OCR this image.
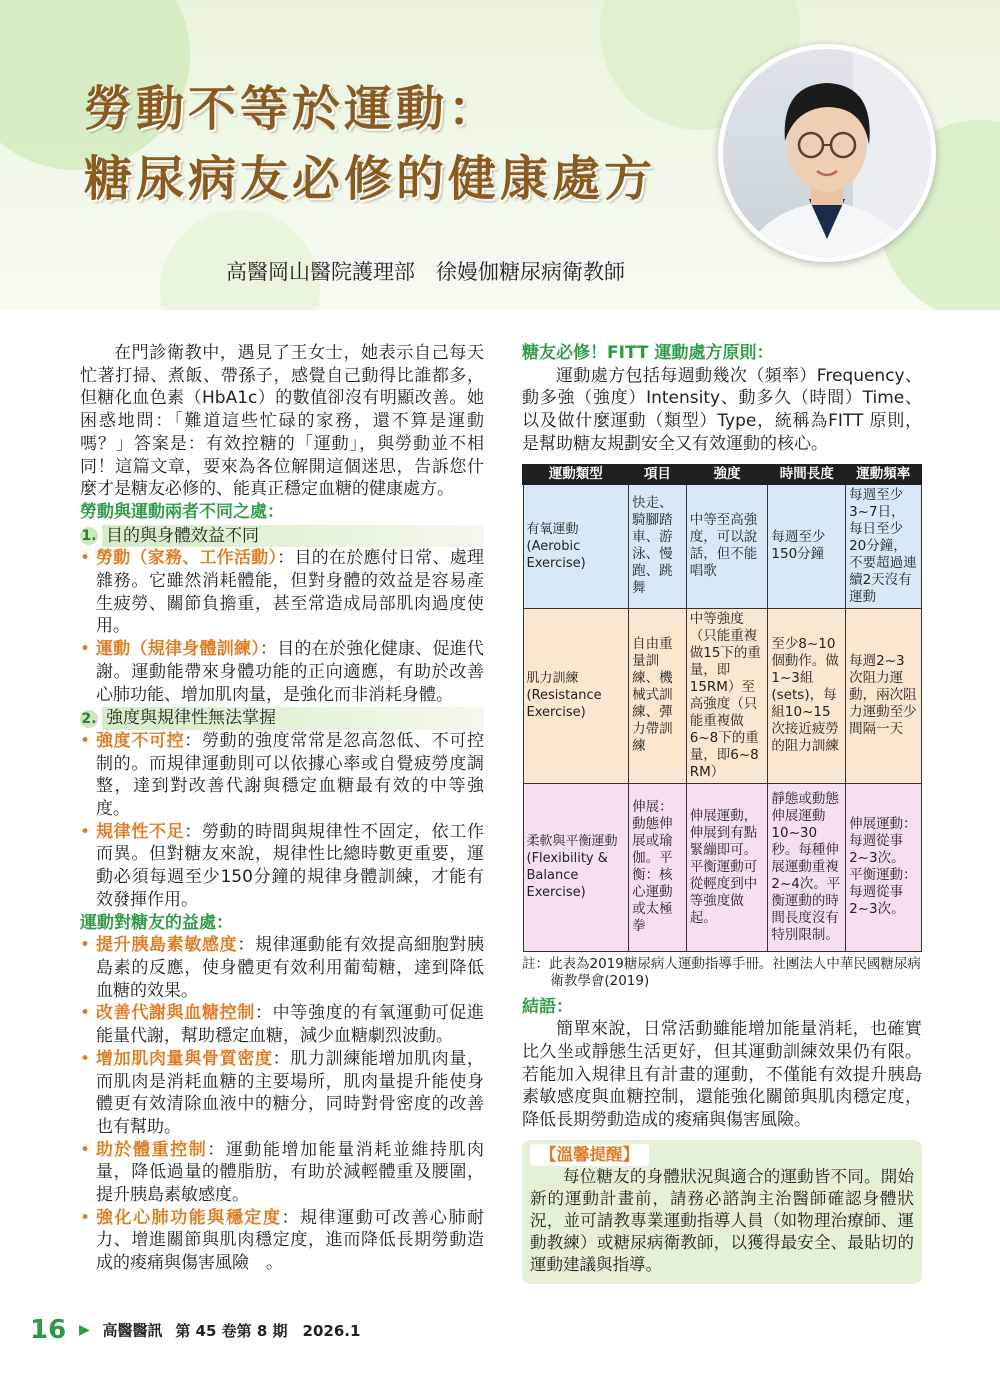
勞動不等於運動：
糖尿病友必修的健康處方
高醫岡山醫院護理部　徐嫚伽糖尿病衛教師

在門診衛教中，遇見了王女士，她表示自己每天忙著打掃、煮飯、帶孫子，感覺自己動得比誰都多，但糖化血色素（HbA1c）的數值卻沒有明顯改善。她困惑地問：「難道這些忙碌的家務，還不算是運動嗎？」答案是：有效控糖的「運動」，與勞動並不相同！這篇文章，要來為各位解開這個迷思，告訴您什麼才是糖友必修的、能真正穩定血糖的健康處方。

勞動與運動兩者不同之處：
1. 目的與身體效益不同
• 勞動（家務、工作活動）：目的在於應付日常、處理雜務。它雖然消耗體能，但對身體的效益是容易產生疲勞、關節負擔重，甚至常造成局部肌肉過度使用。
• 運動（規律身體訓練）：目的在於強化健康、促進代謝。運動能帶來身體功能的正向適應，有助於改善心肺功能、增加肌肉量，是強化而非消耗身體。
2. 強度與規律性無法掌握
• 強度不可控：勞動的強度常常是忽高忽低、不可控制的。而規律運動則可以依據心率或自覺疲勞度調整，達到對改善代謝與穩定血糖最有效的中等強度。
• 規律性不足：勞動的時間與規律性不固定，依工作而異。但對糖友來說，規律性比總時數更重要，運動必須每週至少150分鐘的規律身體訓練，才能有效發揮作用。
運動對糖友的益處：
• 提升胰島素敏感度：規律運動能有效提高細胞對胰島素的反應，使身體更有效利用葡萄糖，達到降低血糖的效果。
• 改善代謝與血糖控制：中等強度的有氧運動可促進能量代謝，幫助穩定血糖，減少血糖劇烈波動。
• 增加肌肉量與骨質密度：肌力訓練能增加肌肉量，而肌肉是消耗血糖的主要場所，肌肉量提升能使身體更有效清除血液中的糖分，同時對骨密度的改善也有幫助。
• 助於體重控制：運動能增加能量消耗並維持肌肉量，降低過量的體脂肪，有助於減輕體重及腰圍，提升胰島素敏感度。
• 強化心肺功能與穩定度：規律運動可改善心肺耐力、增進關節與肌肉穩定度，進而降低長期勞動造成的痠痛與傷害風險　。
糖友必修！FITT 運動處方原則：

運動處方包括每週動幾次（頻率）Frequency、動多強（強度）Intensity、動多久（時間）Time、以及做什麼運動（類型）Type，統稱為FITT 原則，是幫助糖友規劃安全又有效運動的核心。

運動類型	項目	強度	時間長度	運動頻率
有氧運動(Aerobic Exercise)	快走、騎腳踏車、游泳、慢跑、跳舞	中等至高強度，可以說話，但不能唱歌	每週至少150分鐘	每週至少3~7日，每日至少20分鐘，不要超過連續2天沒有運動
肌力訓練(Resistance Exercise)	自由重量訓練、機械式訓練、彈力帶訓練	中等強度（只能重複做15下的重量，即15RM）至高強度（只能重複做6~8下的重量，即6~8 RM）	至少8~10個動作。做1~3組(sets)，每組10~15次接近疲勞的阻力訓練	每週2~3次阻力運動，兩次阻力運動至少間隔一天
柔軟與平衡運動(Flexibility & Balance Exercise)	伸展：動態伸展或瑜伽。平衡：核心運動或太極拳	伸展運動，伸展到有點緊繃即可。平衡運動可從輕度到中等強度做起。	靜態或動態伸展運動10~30秒。每種伸展運動重複2~4次。平衡運動的時間長度沒有特別限制。	伸展運動：每週從事2~3次。平衡運動：每週從事2~3次。
註：此表為2019糖尿病人運動指導手冊。社團法人中華民國糖尿病衛教學會(2019)
結語：

簡單來說，日常活動雖能增加能量消耗，也確實比久坐或靜態生活更好，但其運動訓練效果仍有限。若能加入規律且有計畫的運動，不僅能有效提升胰島素敏感度與血糖控制，還能強化關節與肌肉穩定度，降低長期勞動造成的痠痛與傷害風險。

【溫馨提醒】

每位糖友的身體狀況與適合的運動皆不同。開始新的運動計畫前，請務必諮詢主治醫師確認身體狀況，並可請教專業運動指導人員（如物理治療師、運動教練）或糖尿病衛教師，以獲得最安全、最貼切的運動建議與指導。

16 ▶ 高醫醫訊 第 45 卷第 8 期　2026.1
